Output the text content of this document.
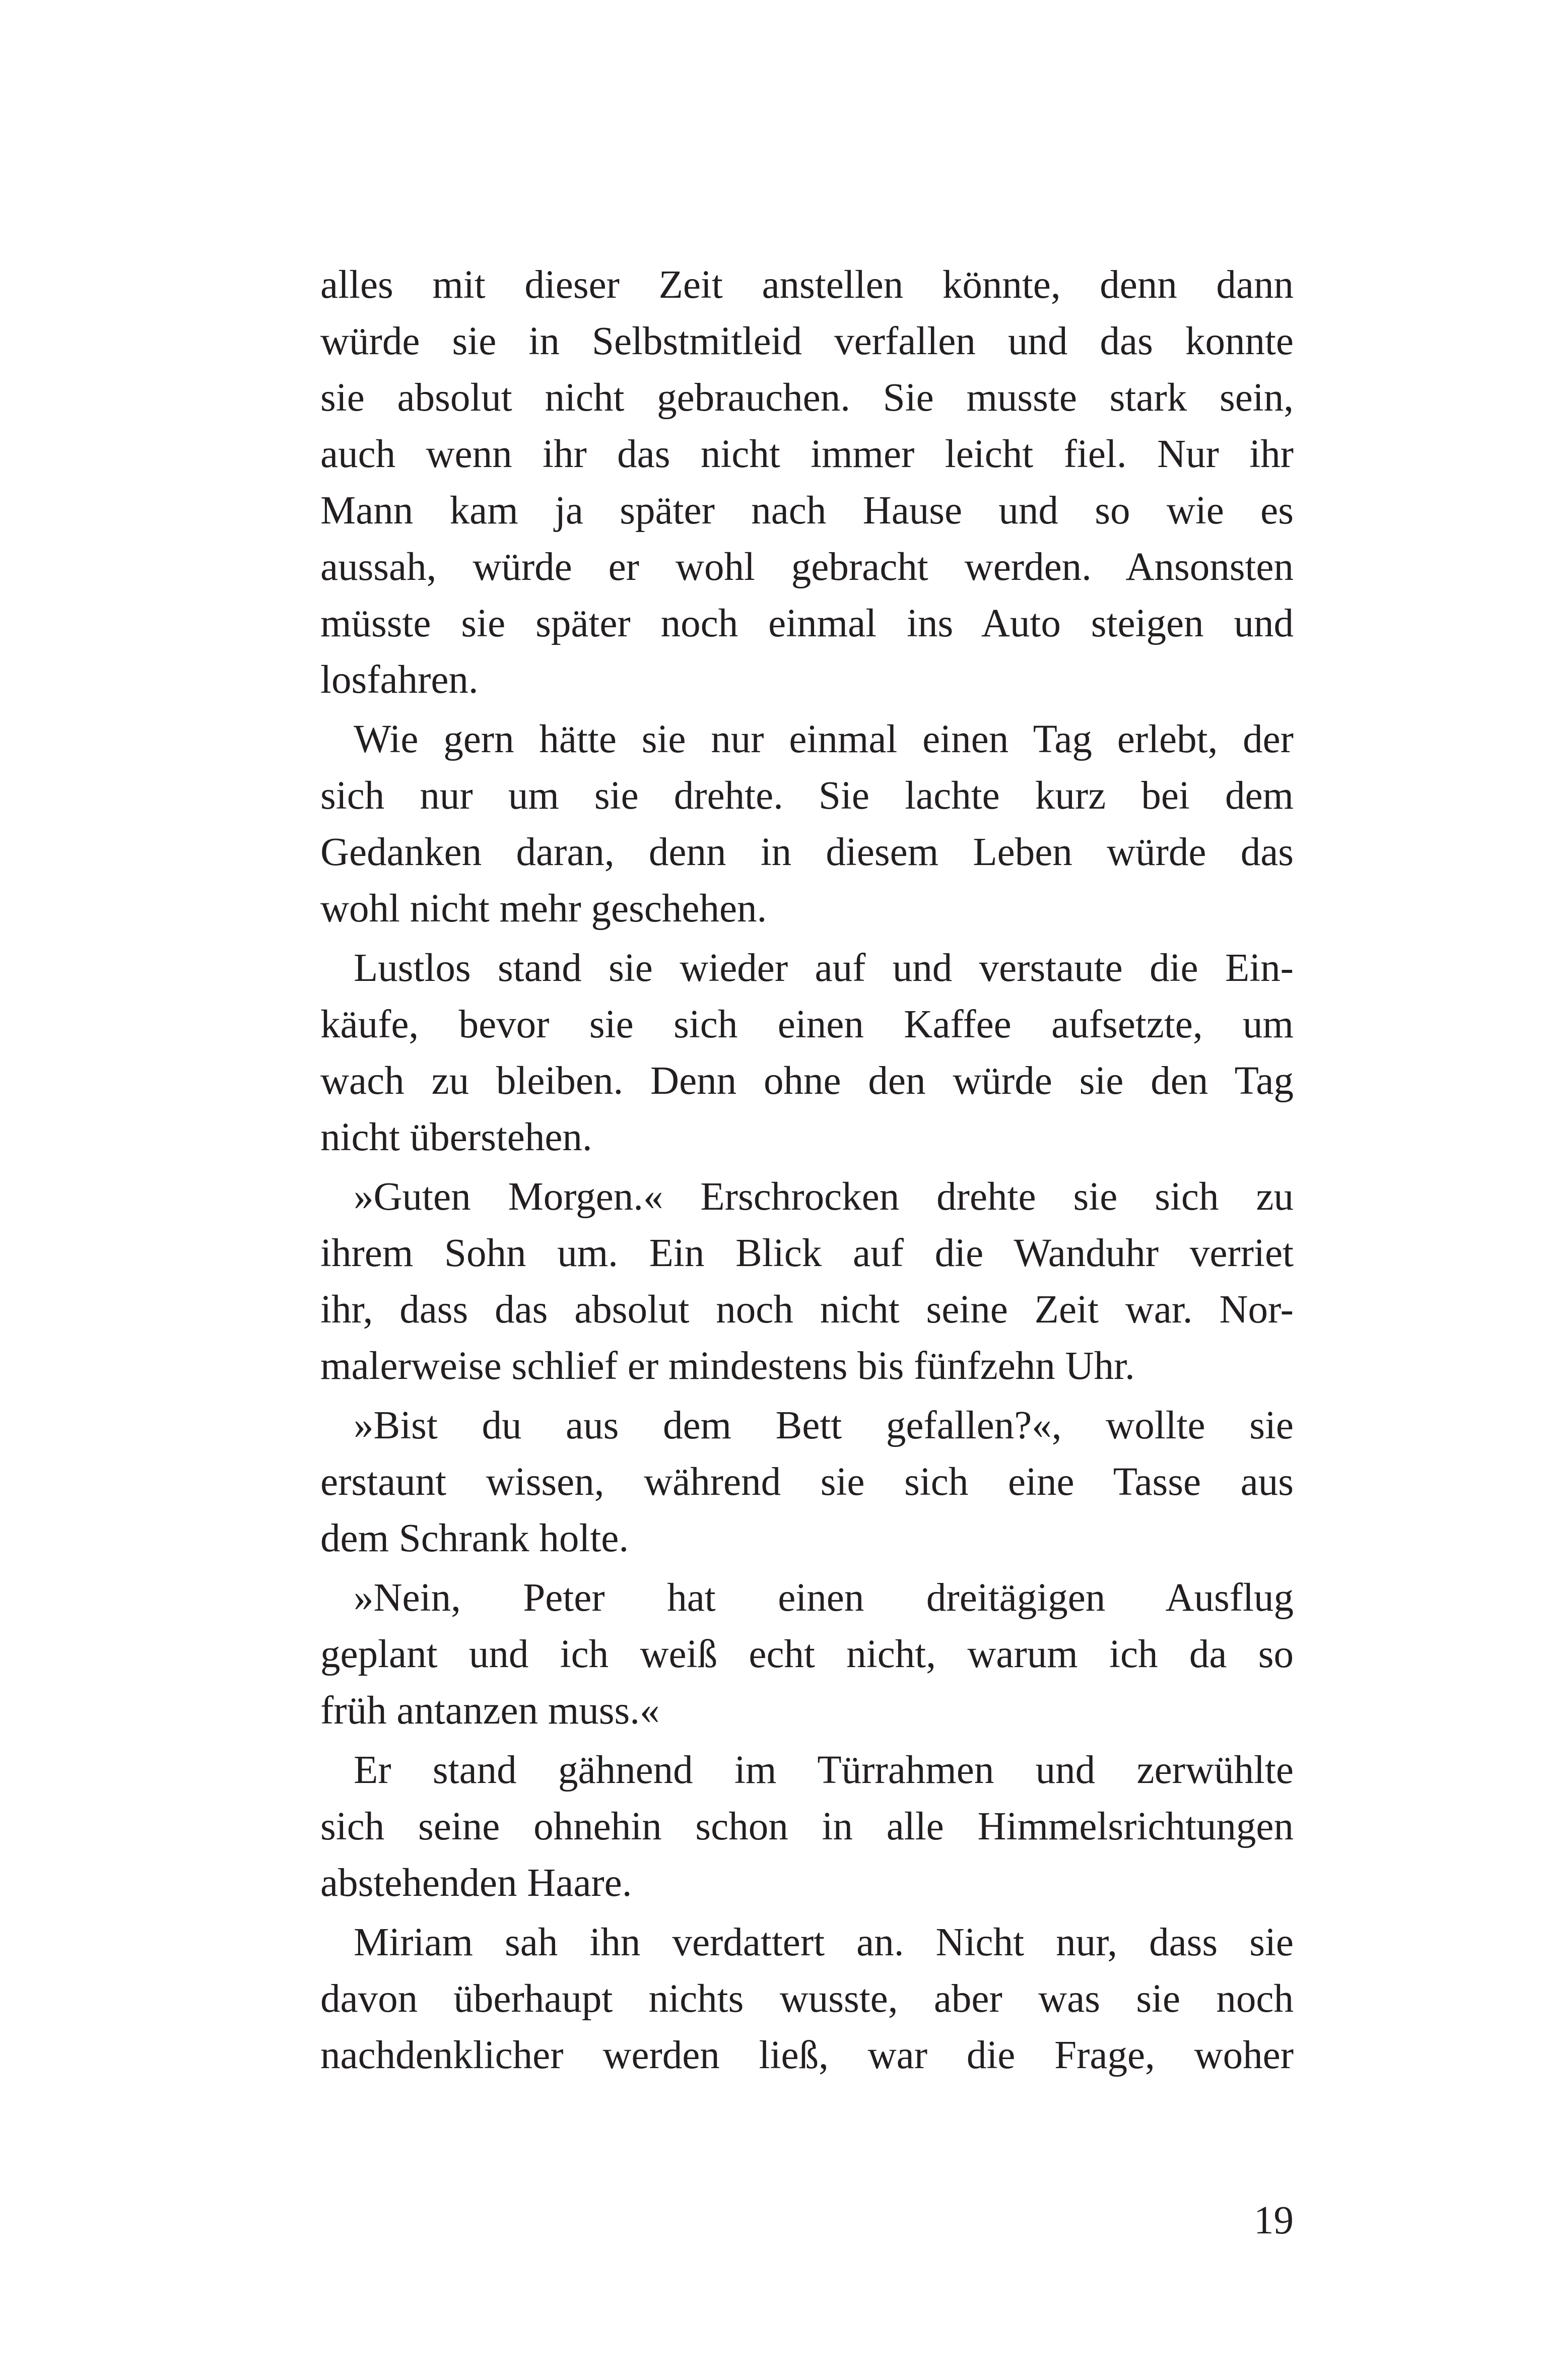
alles mit dieser Zeit anstellen könnte, denn dann
würde sie in Selbstmitleid verfallen und das konnte
sie absolut nicht gebrauchen. Sie musste stark sein,
auch wenn ihr das nicht immer leicht fiel. Nur ihr
Mann kam ja später nach Hause und so wie es
aussah, würde er wohl gebracht werden. Ansonsten
müsste sie später noch einmal ins Auto steigen und
losfahren.
Wie gern hätte sie nur einmal einen Tag erlebt, der
sich nur um sie drehte. Sie lachte kurz bei dem
Gedanken daran, denn in diesem Leben würde das
wohl nicht mehr geschehen.
Lustlos stand sie wieder auf und verstaute die Ein-
käufe, bevor sie sich einen Kaffee aufsetzte, um
wach zu bleiben. Denn ohne den würde sie den Tag
nicht überstehen.
»Guten Morgen.« Erschrocken drehte sie sich zu
ihrem Sohn um. Ein Blick auf die Wanduhr verriet
ihr, dass das absolut noch nicht seine Zeit war. Nor-
malerweise schlief er mindestens bis fünfzehn Uhr.
»Bist du aus dem Bett gefallen?«, wollte sie
erstaunt wissen, während sie sich eine Tasse aus
dem Schrank holte.
»Nein, Peter hat einen dreitägigen Ausflug
geplant und ich weiß echt nicht, warum ich da so
früh antanzen muss.«
Er stand gähnend im Türrahmen und zerwühlte
sich seine ohnehin schon in alle Himmelsrichtungen
abstehenden Haare.
Miriam sah ihn verdattert an. Nicht nur, dass sie
davon überhaupt nichts wusste, aber was sie noch
nachdenklicher werden ließ, war die Frage, woher
19
